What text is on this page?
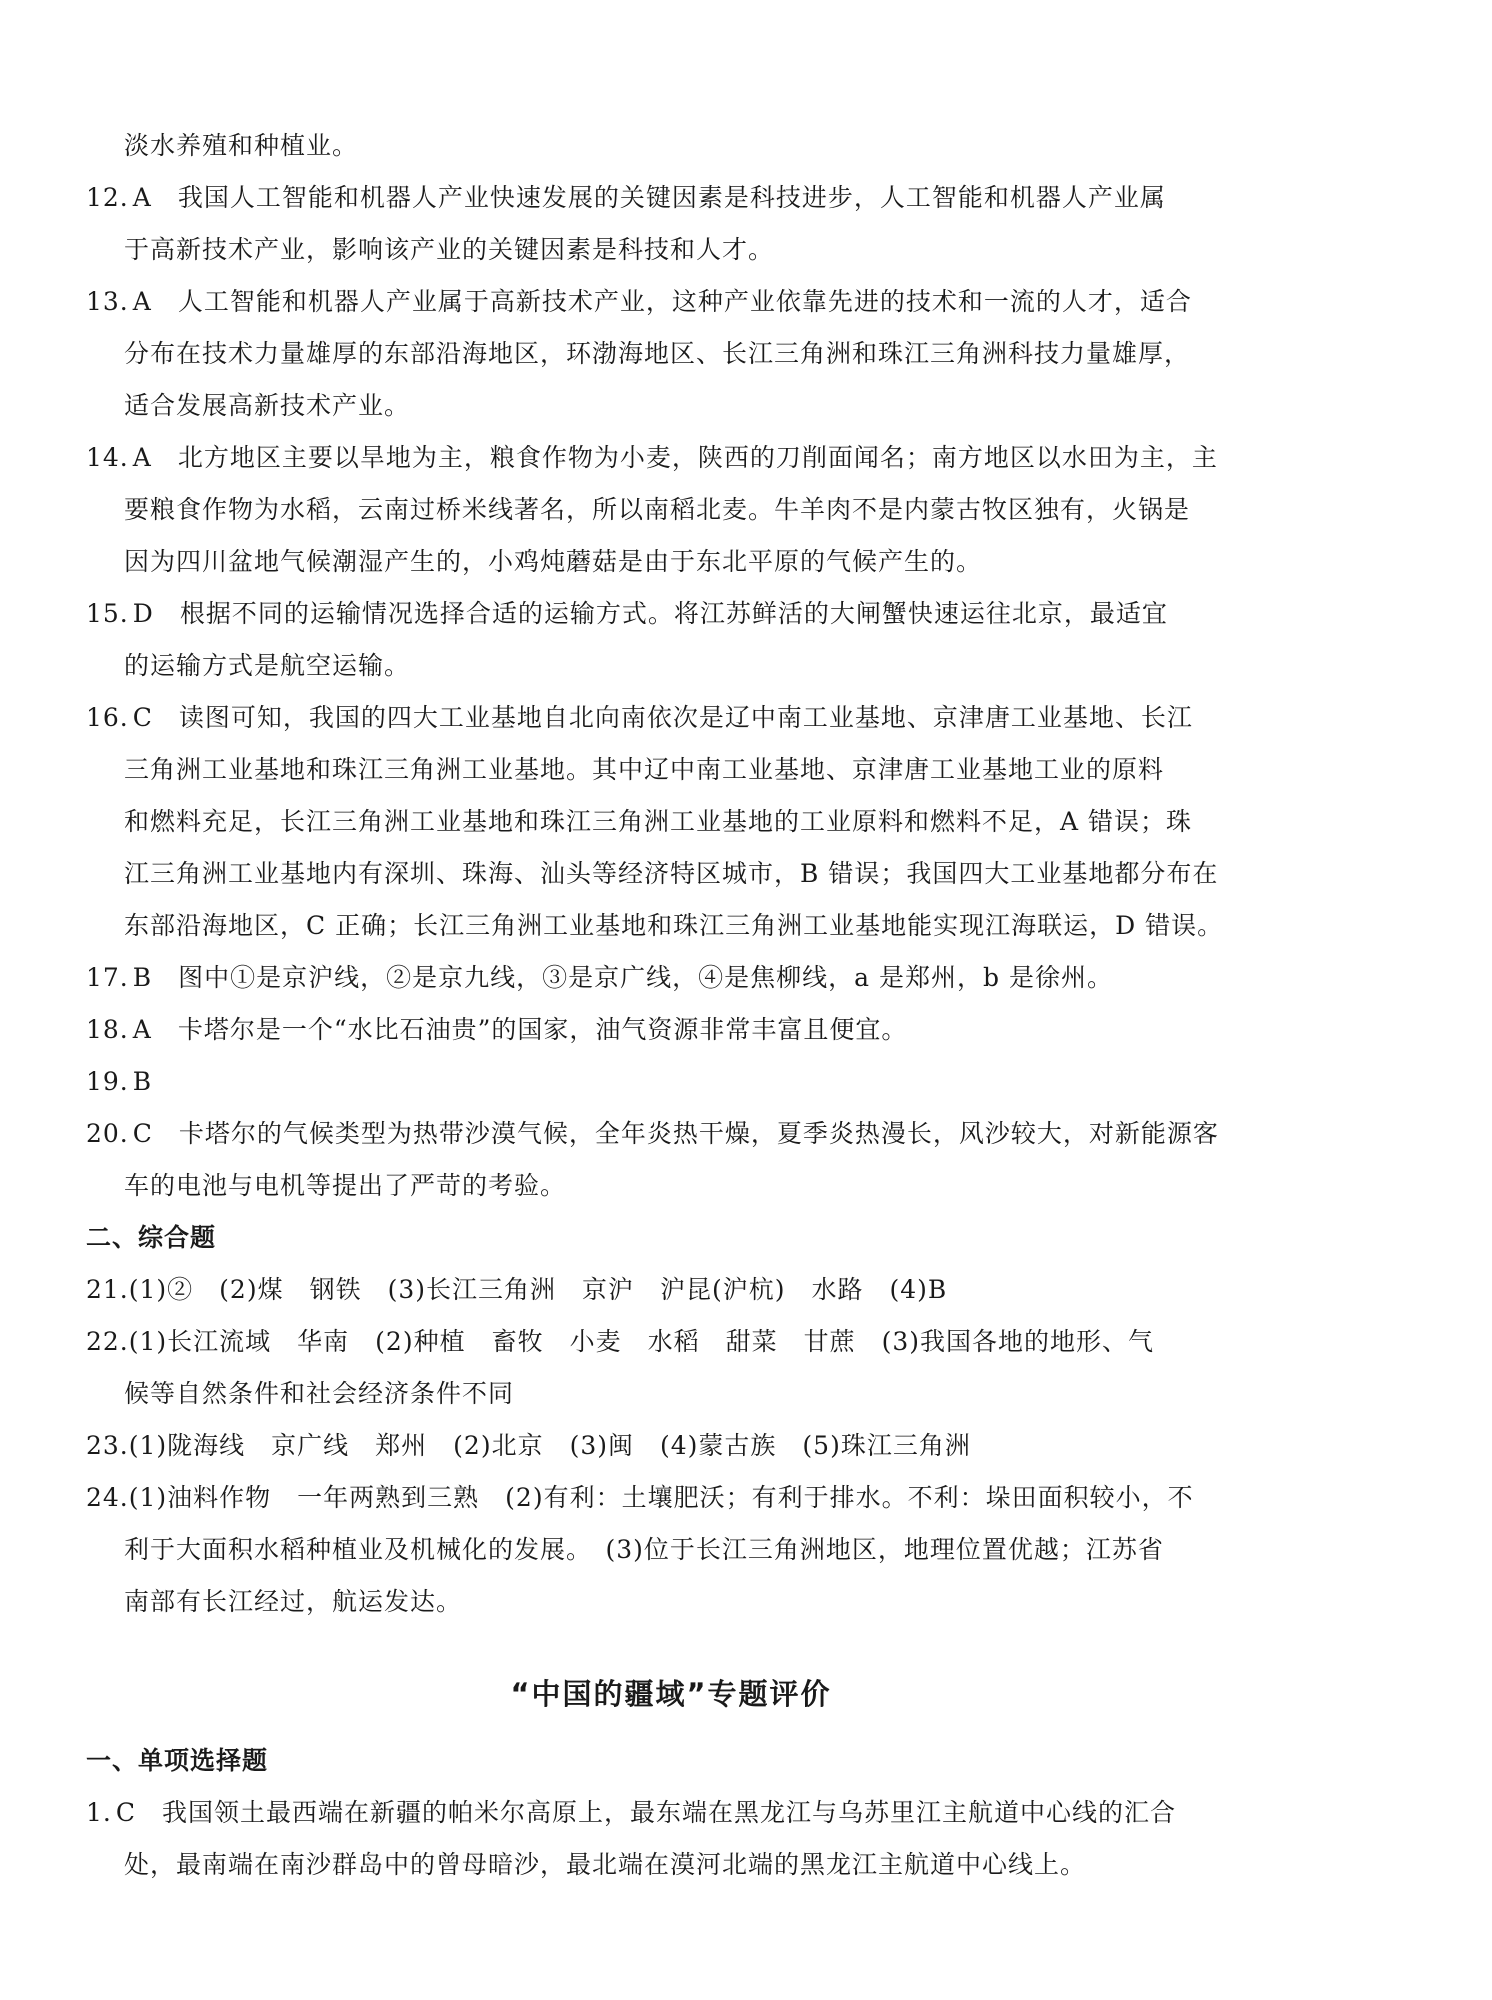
淡水养殖和种植业。
12. A 我国人工智能和机器人产业快速发展的关键因素是科技进步，人工智能和机器人产业属
于高新技术产业，影响该产业的关键因素是科技和人才。
13. A 人工智能和机器人产业属于高新技术产业，这种产业依靠先进的技术和一流的人才，适合
分布在技术力量雄厚的东部沿海地区，环渤海地区、长江三角洲和珠江三角洲科技力量雄厚，
适合发展高新技术产业。
14. A 北方地区主要以旱地为主，粮食作物为小麦，陕西的刀削面闻名；南方地区以水田为主，主
要粮食作物为水稻，云南过桥米线著名，所以南稻北麦。牛羊肉不是内蒙古牧区独有，火锅是
因为四川盆地气候潮湿产生的，小鸡炖蘑菇是由于东北平原的气候产生的。
15. D 根据不同的运输情况选择合适的运输方式。将江苏鲜活的大闸蟹快速运往北京，最适宜
的运输方式是航空运输。
16. C 读图可知，我国的四大工业基地自北向南依次是辽中南工业基地、京津唐工业基地、长江
三角洲工业基地和珠江三角洲工业基地。其中辽中南工业基地、京津唐工业基地工业的原料
和燃料充足，长江三角洲工业基地和珠江三角洲工业基地的工业原料和燃料不足，A 错误；珠
江三角洲工业基地内有深圳、珠海、汕头等经济特区城市，B 错误；我国四大工业基地都分布在
东部沿海地区，C 正确；长江三角洲工业基地和珠江三角洲工业基地能实现江海联运，D 错误。
17. B 图中①是京沪线，②是京九线，③是京广线，④是焦柳线，a 是郑州，b 是徐州。
18. A 卡塔尔是一个“水比石油贵”的国家，油气资源非常丰富且便宜。
19. B
20. C 卡塔尔的气候类型为热带沙漠气候，全年炎热干燥，夏季炎热漫长，风沙较大，对新能源客
车的电池与电机等提出了严苛的考验。
二、综合题
21.(1)②　(2)煤　钢铁　(3)长江三角洲　京沪　沪昆(沪杭)　水路　(4)B
22.(1)长江流域　华南　(2)种植　畜牧　小麦　水稻　甜菜　甘蔗　(3)我国各地的地形、气
候等自然条件和社会经济条件不同
23.(1)陇海线　京广线　郑州　(2)北京　(3)闽　(4)蒙古族　(5)珠江三角洲
24.(1)油料作物　一年两熟到三熟　(2)有利：土壤肥沃；有利于排水。不利：垛田面积较小，不
利于大面积水稻种植业及机械化的发展。　(3)位于长江三角洲地区，地理位置优越；江苏省
南部有长江经过，航运发达。
“中国的疆域”专题评价
一、单项选择题
1. C 我国领土最西端在新疆的帕米尔高原上，最东端在黑龙江与乌苏里江主航道中心线的汇合
处，最南端在南沙群岛中的曾母暗沙，最北端在漠河北端的黑龙江主航道中心线上。
